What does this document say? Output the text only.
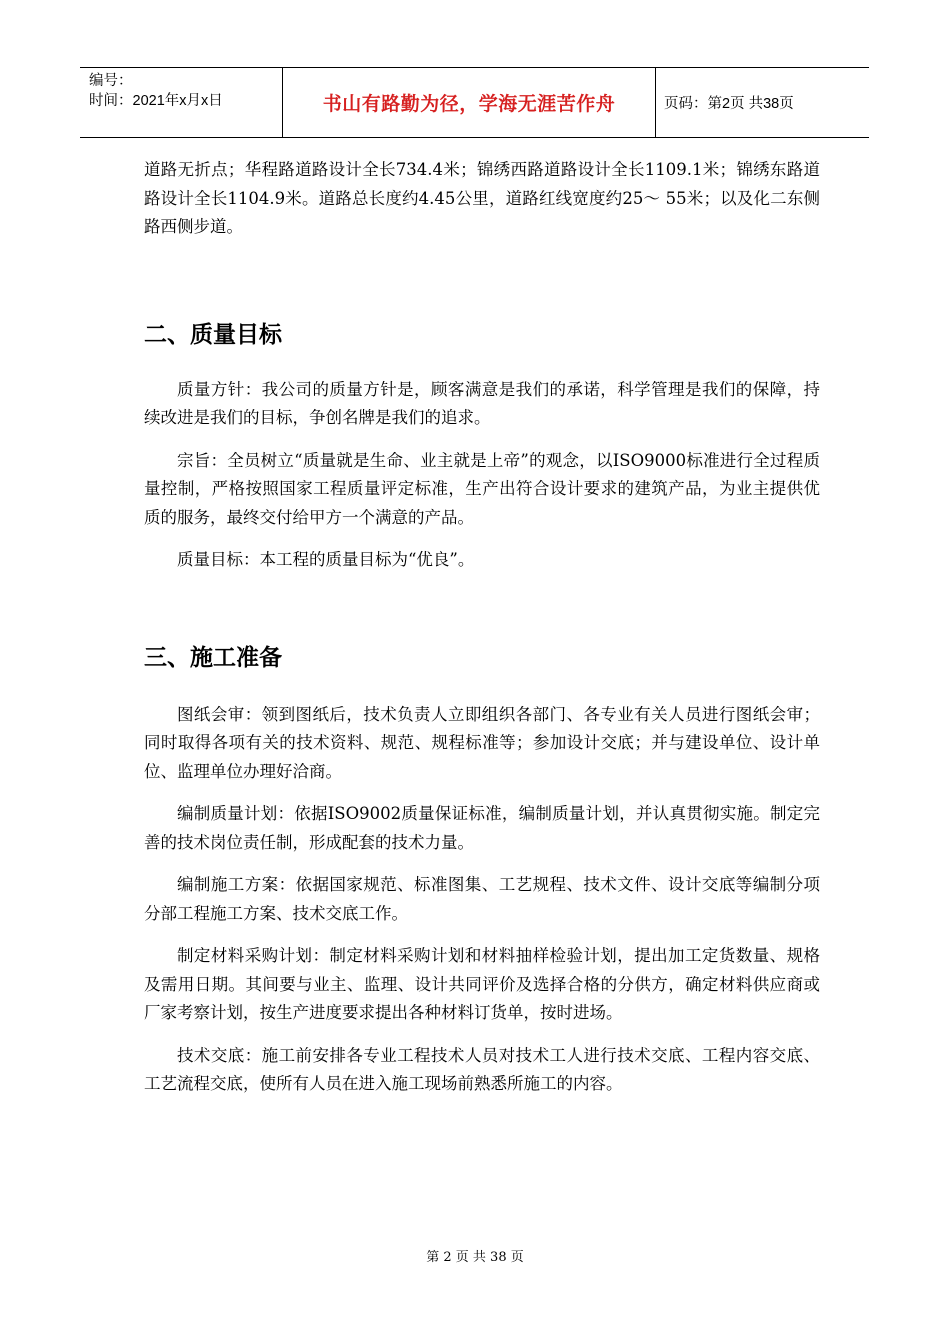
编号：
时间：2021年x月x日	书山有路勤为径，学海无涯苦作舟	页码：第2页 共38页

道路无折点；华程路道路设计全长734.4米；锦绣西路道路设计全长1109.1米；锦绣东路道路设计全长1104.9米。道路总长度约4.45公里，道路红线宽度约25～ 55米；以及化二东侧路西侧步道。

二、质量目标

质量方针：我公司的质量方针是，顾客满意是我们的承诺，科学管理是我们的保障，持续改进是我们的目标，争创名牌是我们的追求。

宗旨：全员树立“质量就是生命、业主就是上帝”的观念，以ISO9000标准进行全过程质量控制，严格按照国家工程质量评定标准，生产出符合设计要求的建筑产品，为业主提供优质的服务，最终交付给甲方一个满意的产品。

质量目标：本工程的质量目标为“优良”。

三、施工准备

图纸会审：领到图纸后，技术负责人立即组织各部门、各专业有关人员进行图纸会审；同时取得各项有关的技术资料、规范、规程标准等；参加设计交底；并与建设单位、设计单位、监理单位办理好洽商。

编制质量计划：依据ISO9002质量保证标准，编制质量计划，并认真贯彻实施。制定完善的技术岗位责任制，形成配套的技术力量。

编制施工方案：依据国家规范、标准图集、工艺规程、技术文件、设计交底等编制分项分部工程施工方案、技术交底工作。

制定材料采购计划：制定材料采购计划和材料抽样检验计划，提出加工定货数量、规格及需用日期。其间要与业主、监理、设计共同评价及选择合格的分供方，确定材料供应商或厂家考察计划，按生产进度要求提出各种材料订货单，按时进场。

技术交底：施工前安排各专业工程技术人员对技术工人进行技术交底、工程内容交底、工艺流程交底，使所有人员在进入施工现场前熟悉所施工的内容。

第 2 页 共 38 页
